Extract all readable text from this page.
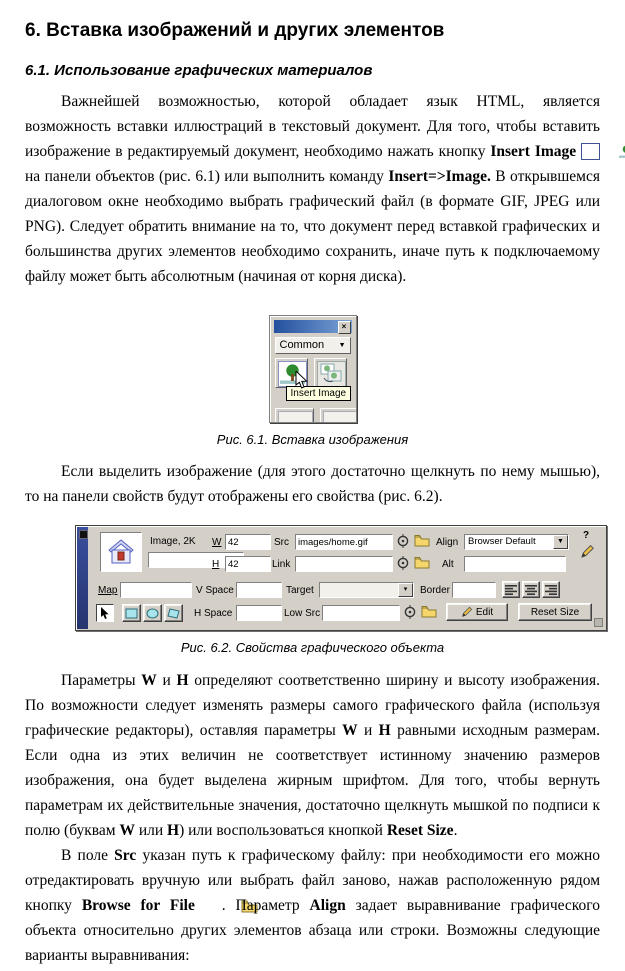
6. Вставка изображений и других элементов
6.1. Использование графических материалов

Важнейшей возможностью, которой обладает язык HTML, является возможность вставки иллюстраций в текстовый документ. Для того, чтобы вставить изображение в редактируемый документ, необходимо нажать кнопку Insert Image  на панели объектов (рис. 6.1) или выполнить команду Insert=>Image. В открывшемся диалоговом окне необходимо выбрать графический файл (в формате GIF, JPEG или PNG). Следует обратить внимание на то, что документ перед вставкой графических и большинства других элементов необходимо сохранить, иначе путь к подключаемому файлу может быть абсолютным (начиная от корня диска).

×
Common ▼
Insert Image
Рис. 6.1. Вставка изображения

Если выделить изображение (для этого достаточно щелкнуть по нему мышью), то на панели свойств будут отображены его свойства (рис. 6.2).

Image, 2K W
42
H
42
Src
images/home.gif	Align	Browser Default	▼
?
Link	Alt
Map	V Space	Target	▾	Border
H Space	Low Src	Edit	Reset Size
Рис. 6.2. Свойства графического объекта

Параметры W и H определяют соответственно ширину и высоту изображения. По возможности следует изменять размеры самого графического файла (используя графические редакторы), оставляя параметры W и H равными исходным размерам. Если одна из этих величин не соответствует истинному значению размеров изображения, она будет выделена жирным шрифтом. Для того, чтобы вернуть параметрам их действительные значения, достаточно щелкнуть мышкой по подписи к полю (буквам W или H) или воспользоваться кнопкой Reset Size.

В поле Src указан путь к графическому файлу: при необходимости его можно отредактировать вручную или выбрать файл заново, нажав расположенную рядом кнопку Browse for File . Параметр Align задает выравнивание графического объекта относительно других элементов абзаца или строки. Возможны следующие варианты выравнивания:
